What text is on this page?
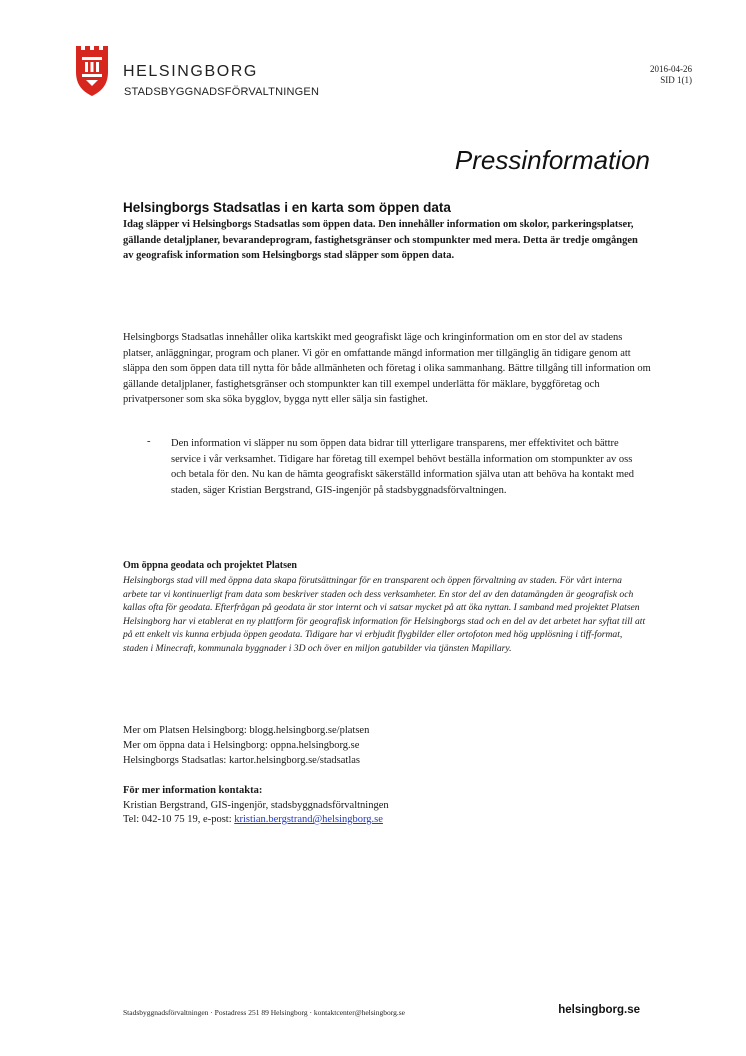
HELSINGBORG
STADSBYGGNADSFÖRVALTNINGEN
2016-04-26
SID 1(1)
Pressinformation
Helsingborgs Stadsatlas i en karta som öppen data

Idag släpper vi Helsingborgs Stadsatlas som öppen data. Den innehåller information om skolor, parkeringsplatser, gällande detaljplaner, bevarandeprogram, fastighetsgränser och stompunkter med mera. Detta är tredje omgången av geografisk information som Helsingborgs stad släpper som öppen data.

Helsingborgs Stadsatlas innehåller olika kartskikt med geografiskt läge och kringinformation om en stor del av stadens platser, anläggningar, program och planer. Vi gör en omfattande mängd information mer tillgänglig än tidigare genom att släppa den som öppen data till nytta för både allmänheten och företag i olika sammanhang. Bättre tillgång till information om gällande detaljplaner, fastighetsgränser och stompunkter kan till exempel underlätta för mäklare, byggföretag och privatpersoner som ska söka bygglov, bygga nytt eller sälja sin fastighet.

- Den information vi släpper nu som öppen data bidrar till ytterligare transparens, mer effektivitet och bättre service i vår verksamhet. Tidigare har företag till exempel behövt beställa information om stompunkter av oss och betala för den. Nu kan de hämta geografiskt säkerställd information själva utan att behöva ha kontakt med staden, säger Kristian Bergstrand, GIS-ingenjör på stadsbyggnadsförvaltningen.

Om öppna geodata och projektet Platsen

Helsingborgs stad vill med öppna data skapa förutsättningar för en transparent och öppen förvaltning av staden. För vårt interna arbete tar vi kontinuerligt fram data som beskriver staden och dess verksamheter. En stor del av den datamängden är geografisk och kallas ofta för geodata. Efterfrågan på geodata är stor internt och vi satsar mycket på att öka nyttan. I samband med projektet Platsen Helsingborg har vi etablerat en ny plattform för geografisk information för Helsingborgs stad och en del av det arbetet har syftat till att på ett enkelt vis kunna erbjuda öppen geodata. Tidigare har vi erbjudit flygbilder eller ortofoton med hög upplösning i tiff-format, staden i Minecraft, kommunala byggnader i 3D och över en miljon gatubilder via tjänsten Mapillary.

Mer om Platsen Helsingborg: blogg.helsingborg.se/platsen
Mer om öppna data i Helsingborg: oppna.helsingborg.se
Helsingborgs Stadsatlas: kartor.helsingborg.se/stadsatlas
För mer information kontakta:
Kristian Bergstrand, GIS-ingenjör, stadsbyggnadsförvaltningen
Tel: 042-10 75 19, e-post: kristian.bergstrand@helsingborg.se
Stadsbyggnadsförvaltningen · Postadress 251 89 Helsingborg · kontaktcenter@helsingborg.se	helsingborg.se
